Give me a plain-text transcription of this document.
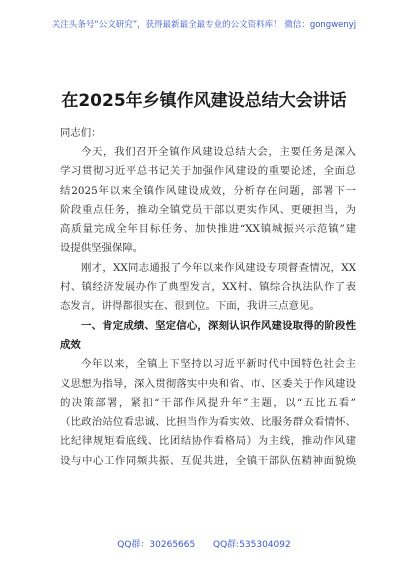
关注头条号“公文研究”，获得最新最全最专业的公文资料库！ 微信：gongwenyj
在2025年乡镇作风建设总结大会讲话
同志们：
今天，我们召开全镇作风建设总结大会，主要任务是深入
学习贯彻习近平总书记关于加强作风建设的重要论述，全面总
结2025年以来全镇作风建设成效，分析存在问题，部署下一
阶段重点任务，推动全镇党员干部以更实作风、更硬担当，为
高质量完成全年目标任务、加快推进“XX镇城振兴示范镇”建
设提供坚强保障。
刚才，XX同志通报了今年以来作风建设专项督查情况，XX
村、镇经济发展办作了典型发言，XX村、镇综合执法队作了表
态发言，讲得都很实在、很到位。下面，我讲三点意见。
一、肯定成绩、坚定信心，深刻认识作风建设取得的阶段性
成效
今年以来，全镇上下坚持以习近平新时代中国特色社会主
义思想为指导，深入贯彻落实中央和省、市、区委关于作风建设
的决策部署，紧扣“干部作风提升年”主题，以“五比五看”
（比政治站位看忠诚、比担当作为看实效、比服务群众看情怀、
比纪律规矩看底线、比团结协作看格局）为主线，推动作风建
设与中心工作同频共振、互促共进，全镇干部队伍精神面貌焕
QQ群：30265665 QQ群:535304092
